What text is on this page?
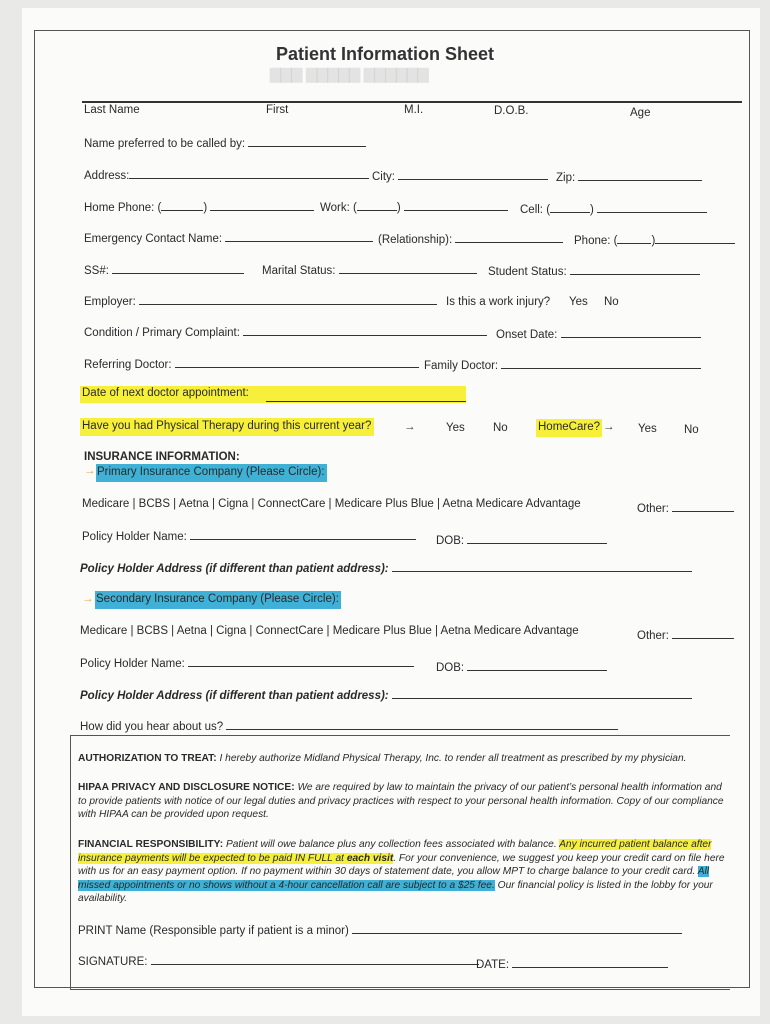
▇▇▇ ▇▇▇▇▇ ▇▇▇▇▇▇
Patient Information Sheet
Last Name	First	M.I.	D.O.B.	Age
Name preferred to be called by:
Address:	City:	Zip:
Home Phone: (	)	Work: (	)	Cell: (	)
Emergency Contact Name:	(Relationship):	Phone: (	)
SS#:	Marital Status:	Student Status:
Employer:	Is this a work injury? Yes No
Condition / Primary Complaint:	Onset Date:
Referring Doctor:	Family Doctor:
Date of next doctor appointment:
Have you had Physical Therapy during this current year?	→	Yes No	HomeCare? → Yes No
INSURANCE INFORMATION:
→ Primary Insurance Company (Please Circle):
Medicare | BCBS | Aetna | Cigna | ConnectCare | Medicare Plus Blue | Aetna Medicare Advantage	Other:
Policy Holder Name:	DOB:
Policy Holder Address (if different than patient address):
→ Secondary Insurance Company (Please Circle):
Medicare | BCBS | Aetna | Cigna | ConnectCare | Medicare Plus Blue | Aetna Medicare Advantage	Other:
Policy Holder Name:	DOB:
Policy Holder Address (if different than patient address):
How did you hear about us?
AUTHORIZATION TO TREAT: I hereby authorize Midland Physical Therapy, Inc. to render all treatment as prescribed by my physician.
HIPAA PRIVACY AND DISCLOSURE NOTICE: We are required by law to maintain the privacy of our patient’s personal health information and to provide patients with notice of our legal duties and privacy practices with respect to your personal health information. Copy of our compliance with HIPAA can be provided upon request.
FINANCIAL RESPONSIBILITY: Patient will owe balance plus any collection fees associated with balance. Any incurred patient balance after insurance payments will be expected to be paid IN FULL at each visit. For your convenience, we suggest you keep your credit card on file here with us for an easy payment option. If no payment within 30 days of statement date, you allow MPT to charge balance to your credit card. All missed appointments or no shows without a 4-hour cancellation call are subject to a $25 fee. Our financial policy is listed in the lobby for your availability.
PRINT Name (Responsible party if patient is a minor)
SIGNATURE:	DATE:
